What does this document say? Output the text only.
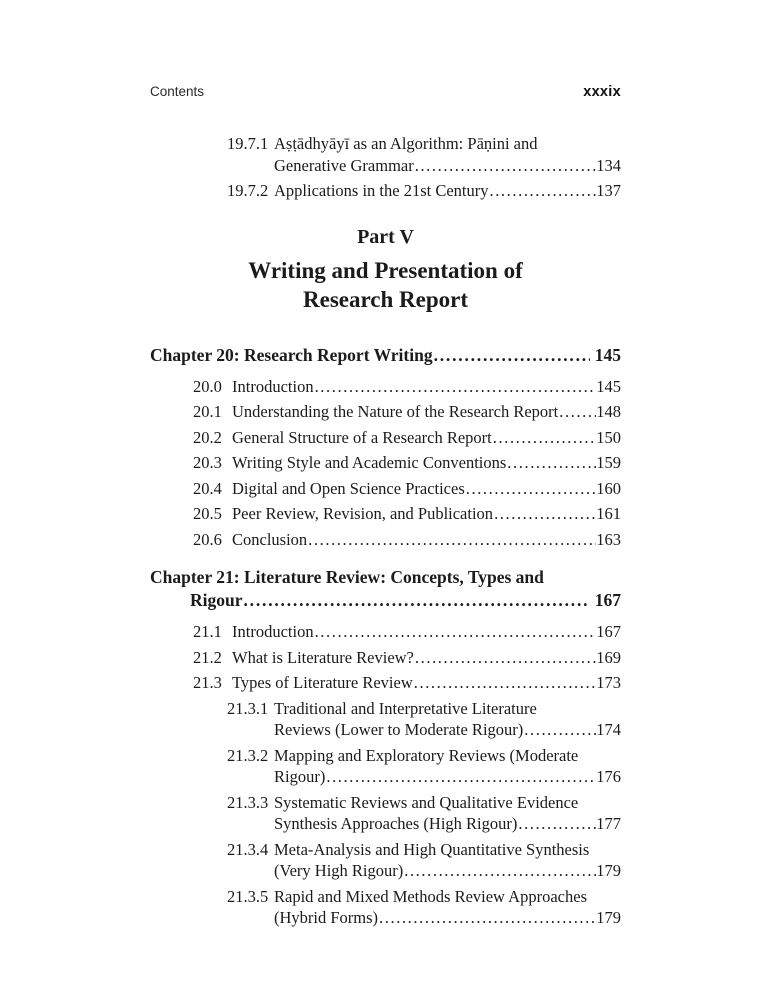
Contents	xxxix
19.7.1 Aṣṭādhyāyī as an Algorithm: Pāṇini and
Generative Grammar .....	134
19.7.2 Applications in the 21st Century .....	137
Part V
Writing and Presentation of
Research Report
Chapter 20: Research Report Writing .....	145
20.0 Introduction .....	145
20.1 Understanding the Nature of the Research Report ..... 148
20.2 General Structure of a Research Report .....	150
20.3 Writing Style and Academic Conventions .....	159
20.4 Digital and Open Science Practices .....	160
20.5 Peer Review, Revision, and Publication .....	161
20.6 Conclusion .....	163
Chapter 21: Literature Review: Concepts, Types and
Rigour .....	167
21.1 Introduction .....	167
21.2 What is Literature Review? .....	169
21.3 Types of Literature Review .....	173
21.3.1 Traditional and Interpretative Literature
Reviews (Lower to Moderate Rigour) .....	174
21.3.2 Mapping and Exploratory Reviews (Moderate
Rigour) .....	176
21.3.3 Systematic Reviews and Qualitative Evidence
Synthesis Approaches (High Rigour) .....	177
21.3.4 Meta-Analysis and High Quantitative Synthesis
(Very High Rigour) .....	179
21.3.5 Rapid and Mixed Methods Review Approaches
(Hybrid Forms) .....	179
